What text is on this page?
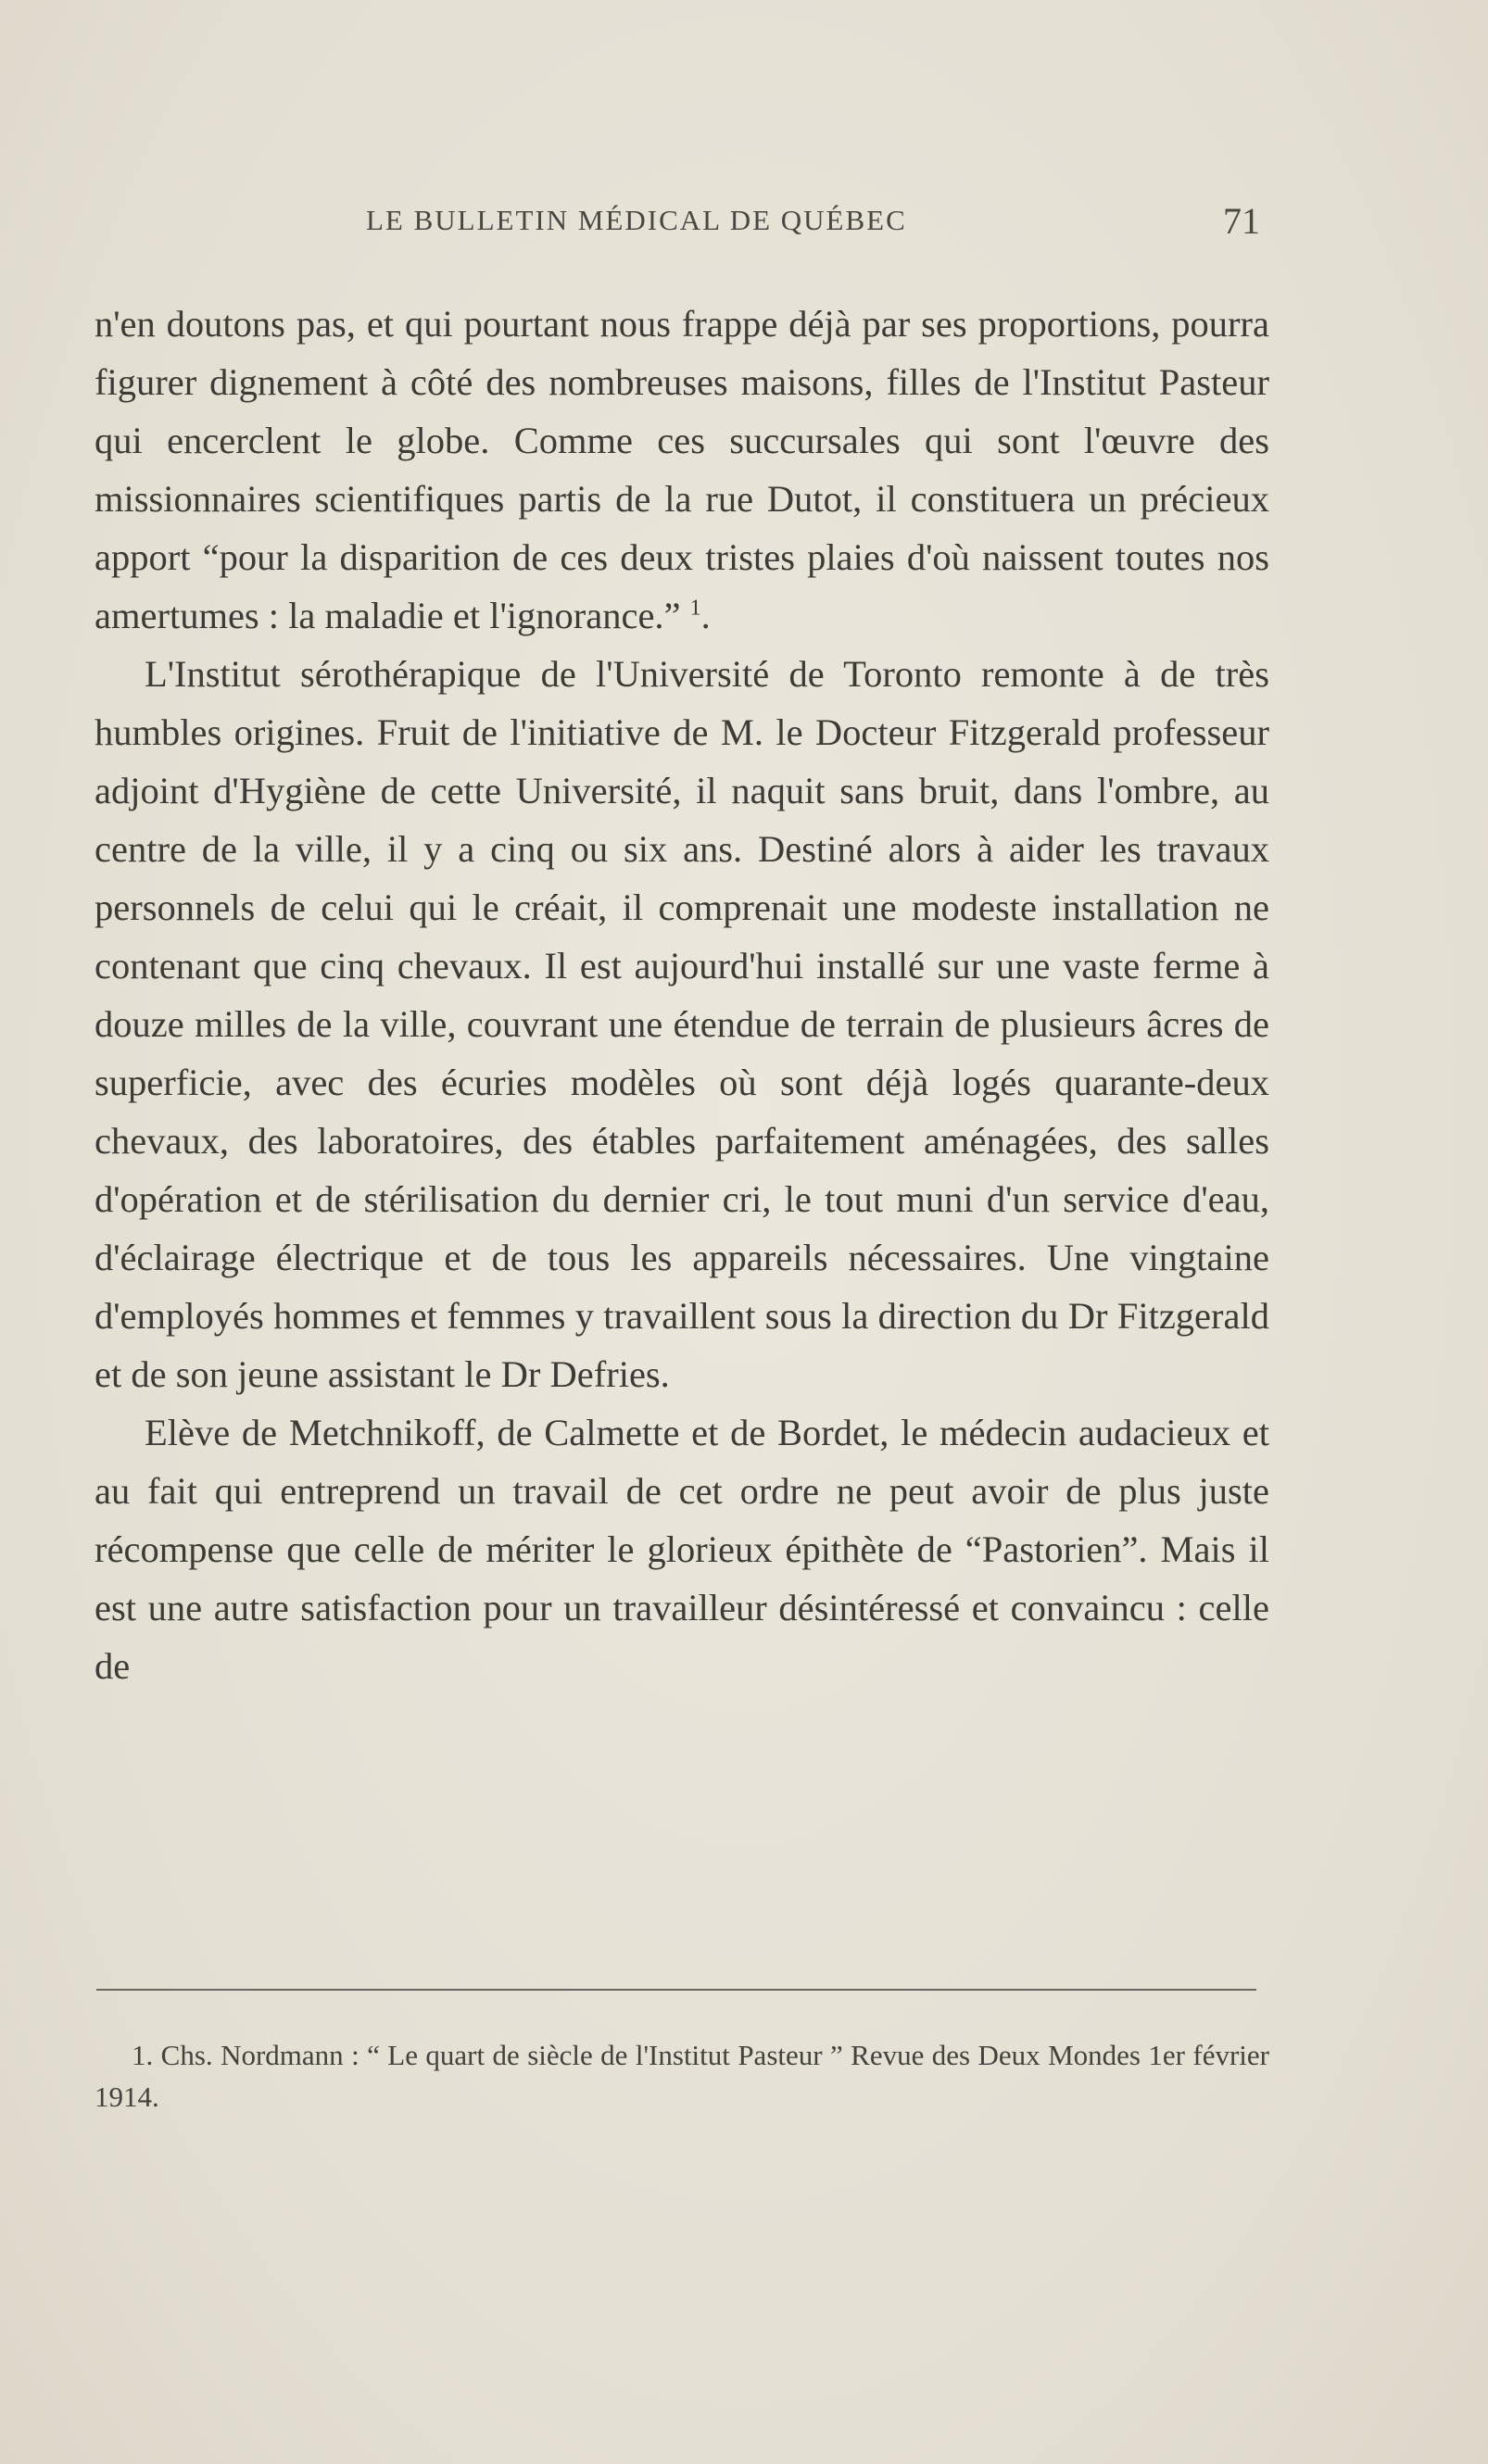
LE BULLETIN MÉDICAL DE QUÉBEC	71

n'en doutons pas, et qui pourtant nous frappe déjà par ses proportions, pourra figurer dignement à côté des nombreuses maisons, filles de l'Institut Pasteur qui encerclent le globe. Comme ces succursales qui sont l'œuvre des missionnaires scientifiques partis de la rue Dutot, il constituera un précieux apport “pour la disparition de ces deux tristes plaies d'où naissent toutes nos amertumes : la maladie et l'ignorance.” $^1$.

L'Institut sérothérapique de l'Université de Toronto remonte à de très humbles origines. Fruit de l'initiative de M. le Docteur Fitzgerald professeur adjoint d'Hygiène de cette Université, il naquit sans bruit, dans l'ombre, au centre de la ville, il y a cinq ou six ans. Destiné alors à aider les travaux personnels de celui qui le créait, il comprenait une modeste installation ne contenant que cinq chevaux. Il est aujourd'hui installé sur une vaste ferme à douze milles de la ville, couvrant une étendue de terrain de plusieurs âcres de superficie, avec des écuries modèles où sont déjà logés quarante-deux chevaux, des laboratoires, des étables parfaitement aménagées, des salles d'opération et de stérilisation du dernier cri, le tout muni d'un service d'eau, d'éclairage électrique et de tous les appareils nécessaires. Une vingtaine d'employés hommes et femmes y travaillent sous la direction du Dr Fitzgerald et de son jeune assistant le Dr Defries.

Elève de Metchnikoff, de Calmette et de Bordet, le médecin audacieux et au fait qui entreprend un travail de cet ordre ne peut avoir de plus juste récompense que celle de mériter le glorieux épithète de “Pastorien”. Mais il est une autre satisfaction pour un travailleur désintéressé et convaincu : celle de

1. Chs. Nordmann : “ Le quart de siècle de l'Institut Pasteur ” Revue des Deux Mondes 1er février 1914.
